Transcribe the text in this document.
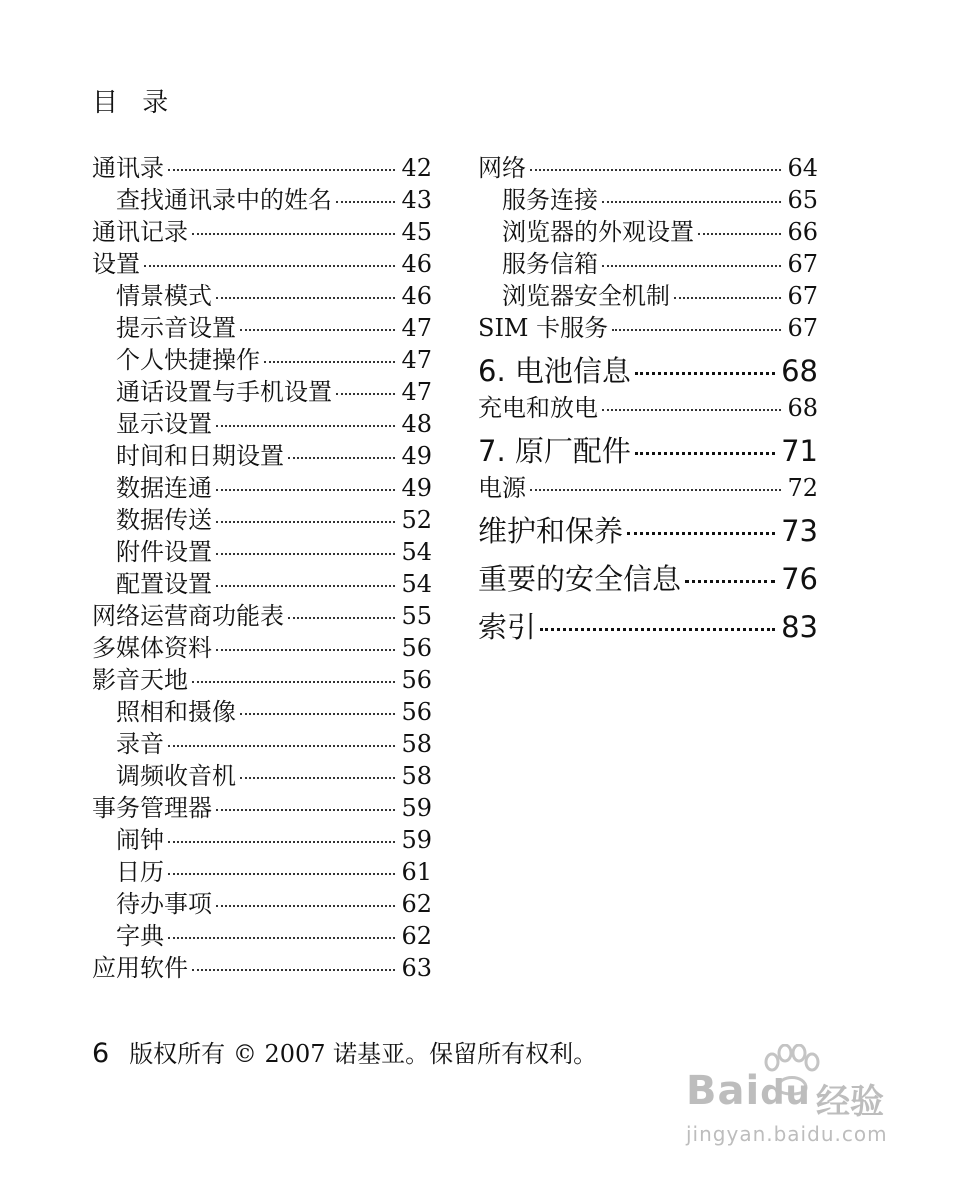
目 录
通讯录	42
查找通讯录中的姓名	43
通讯记录	45
设置	46
情景模式	46
提示音设置	47
个人快捷操作	47
通话设置与手机设置	47
显示设置	48
时间和日期设置	49
数据连通	49
数据传送	52
附件设置	54
配置设置	54
网络运营商功能表	55
多媒体资料	56
影音天地	56
照相和摄像	56
录音	58
调频收音机	58
事务管理器	59
闹钟	59
日历	61
待办事项	62
字典	62
应用软件	63
网络	64
服务连接	65
浏览器的外观设置	66
服务信箱	67
浏览器安全机制	67
SIM 卡服务	67
6. 电池信息	68
充电和放电	68
7. 原厂配件	71
电源	72
维护和保养	73
重要的安全信息	76
索引	83
6 版权所有 © 2007 诺基亚。保留所有权利。
Baidu 经验
jingyan.baidu.com
